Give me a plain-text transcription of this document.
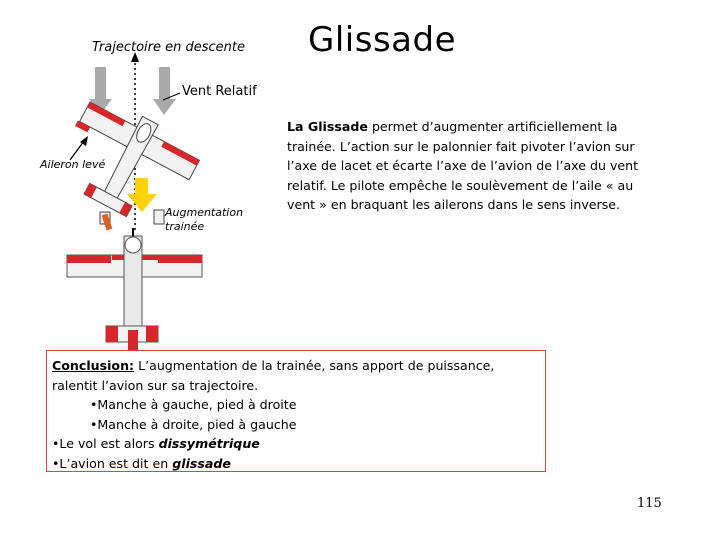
Glissade
Trajectoire en descente
Vent Relatif
Aileron levé
Augmentation
trainée
La Glissade permet d’augmenter artificiellement la trainée. L’action sur le palonnier fait pivoter l’avion sur l’axe de lacet et écarte l’axe de l’avion de l’axe du vent relatif. Le pilote empêche le soulèvement de l’aile « au vent » en braquant les ailerons dans le sens inverse.
Conclusion: L’augmentation de la trainée, sans apport de puissance, ralentit l’avion sur sa trajectoire.
•Manche à gauche, pied à droite
•Manche à droite, pied à gauche
•Le vol est alors dissymétrique
•L’avion est dit en glissade
115
